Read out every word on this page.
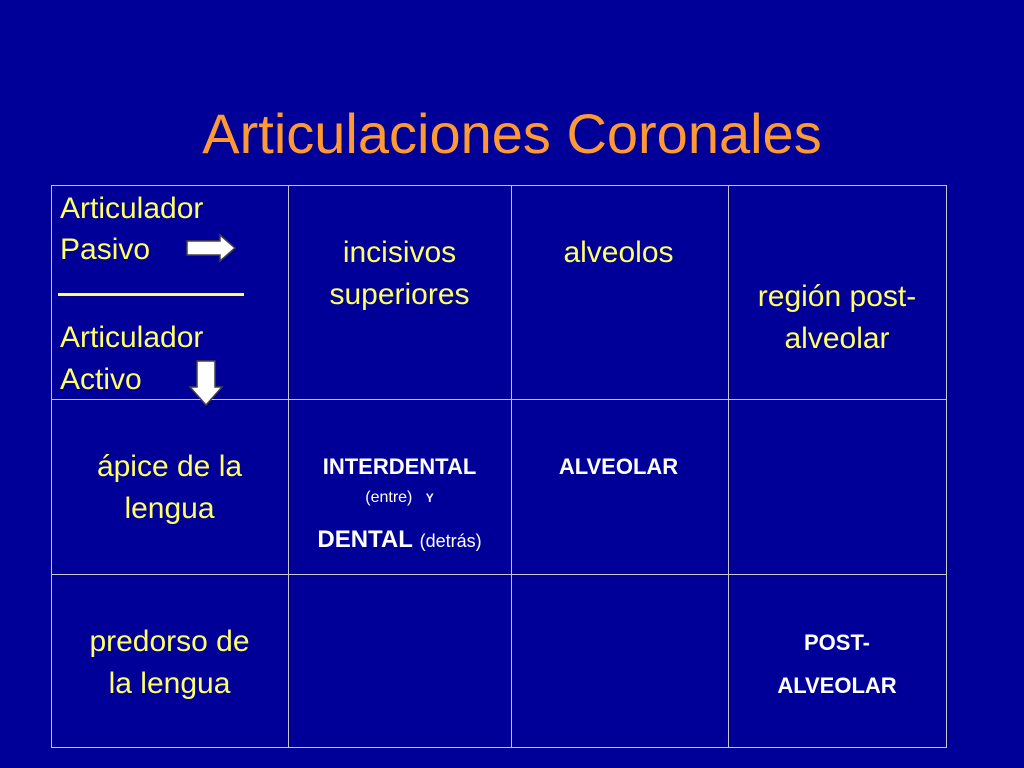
Articulaciones Coronales
Articulador
Pasivo
Articulador
Activo
incisivos
superiores
alveolos
región post-
alveolar
ápice de la
lengua
INTERDENTAL
(entre) Y
DENTAL (detrás)
ALVEOLAR
predorso de
la lengua
POST-
ALVEOLAR
